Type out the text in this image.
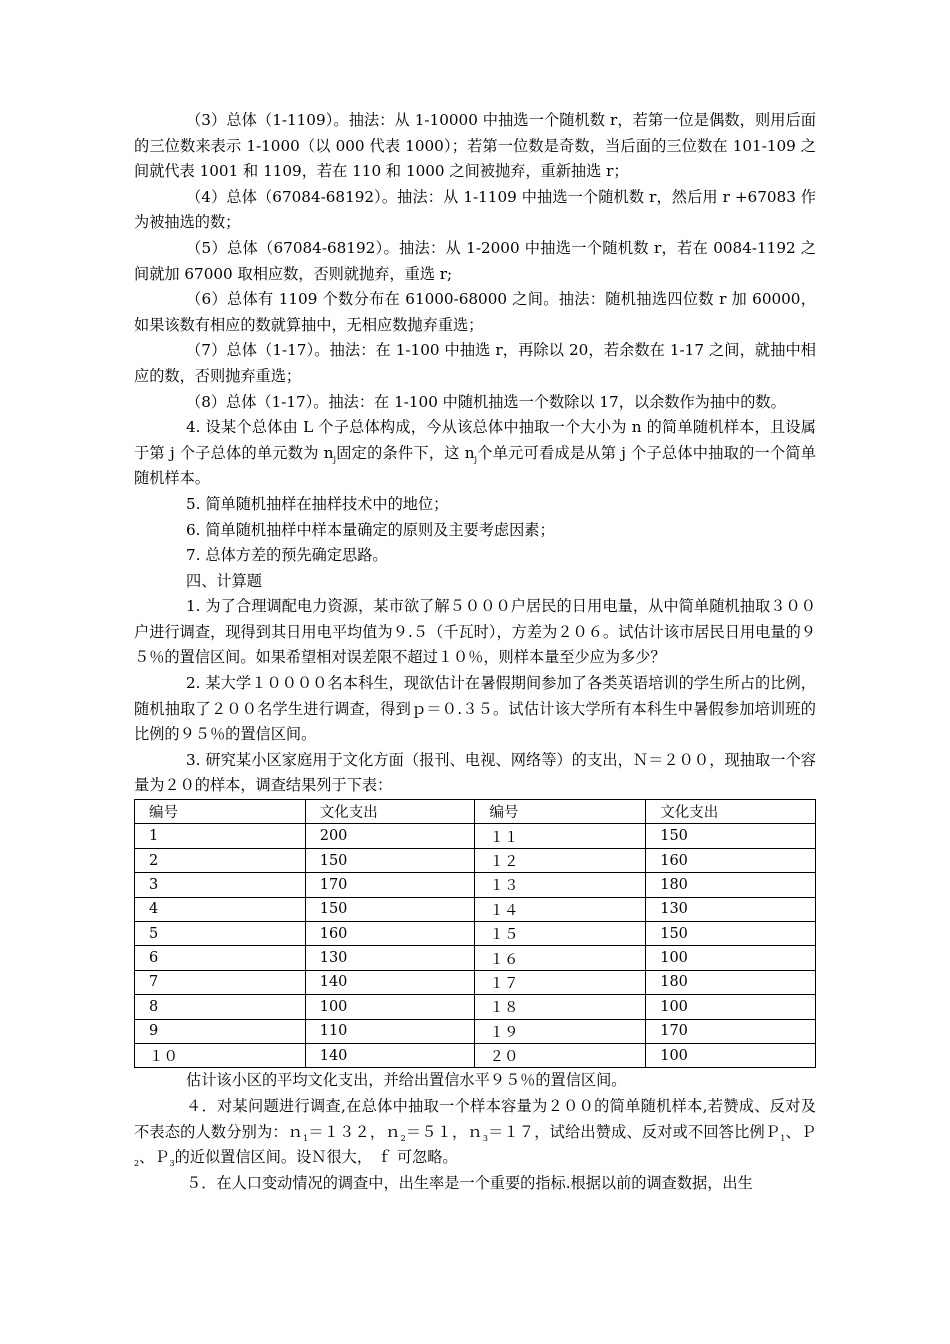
（3）总体（1-1109）。抽法：从 1-10000 中抽选一个随机数 r，若第一位是偶数，则用后面的三位数来表示 1-1000（以 000 代表 1000）；若第一位数是奇数，当后面的三位数在 101-109 之间就代表 1001 和 1109，若在 110 和 1000 之间被抛弃，重新抽选 r；

（4）总体（67084-68192）。抽法：从 1-1109 中抽选一个随机数 r，然后用 r +67083 作为被抽选的数；

（5）总体（67084-68192）。抽法：从 1-2000 中抽选一个随机数 r，若在 0084-1192 之间就加 67000 取相应数，否则就抛弃，重选 r;

（6）总体有 1109 个数分布在 61000-68000 之间。抽法：随机抽选四位数 r 加 60000，如果该数有相应的数就算抽中，无相应数抛弃重选；

（7）总体（1-17）。抽法：在 1-100 中抽选 r，再除以 20，若余数在 1-17 之间，就抽中相应的数，否则抛弃重选；

（8）总体（1-17）。抽法：在 1-100 中随机抽选一个数除以 17，以余数作为抽中的数。

4. 设某个总体由 L 个子总体构成，今从该总体中抽取一个大小为 n 的简单随机样本，且设属于第 j 个子总体的单元数为 $n_j$固定的条件下，这 $n_j$个单元可看成是从第 j 个子总体中抽取的一个简单随机样本。

5. 简单随机抽样在抽样技术中的地位；

6. 简单随机抽样中样本量确定的原则及主要考虑因素；

7. 总体方差的预先确定思路。

四、计算题

1. 为了合理调配电力资源，某市欲了解５０００户居民的日用电量，从中简单随机抽取３００户进行调查，现得到其日用电平均值为９.５（千瓦时），方差为２０６。试估计该市居民日用电量的９５％的置信区间。如果希望相对误差限不超过１０％，则样本量至少应为多少？

2. 某大学１００００名本科生，现欲估计在暑假期间参加了各类英语培训的学生所占的比例，随机抽取了２００名学生进行调查，得到ｐ＝０.３５。试估计该大学所有本科生中暑假参加培训班的比例的９５％的置信区间。

3. 研究某小区家庭用于文化方面（报刊、电视、网络等）的支出，Ｎ＝２００，现抽取一个容量为２０的样本，调查结果列于下表：

编号	文化支出	编号	文化支出
1	200	１１	150
2	150	１２	160
3	170	１３	180
4	150	１４	130
5	160	１５	150
6	130	１６	100
7	140	１７	180
8	100	１８	100
9	110	１９	170
１０	140	２０	100

估计该小区的平均文化支出，并给出置信水平９５％的置信区间。

４．对某问题进行调查,在总体中抽取一个样本容量为２００的简单随机样本,若赞成、反对及不表态的人数分别为：ｎ$_1$＝１３２，ｎ$_2$＝５１，ｎ$_3$＝１７，试给出赞成、反对或不回答比例Ｐ$_1$、Ｐ$_2$、Ｐ$_3$的近似置信区间。设Ｎ很大， ｆ 可忽略。

５．在人口变动情况的调查中，出生率是一个重要的指标.根据以前的调查数据，出生
